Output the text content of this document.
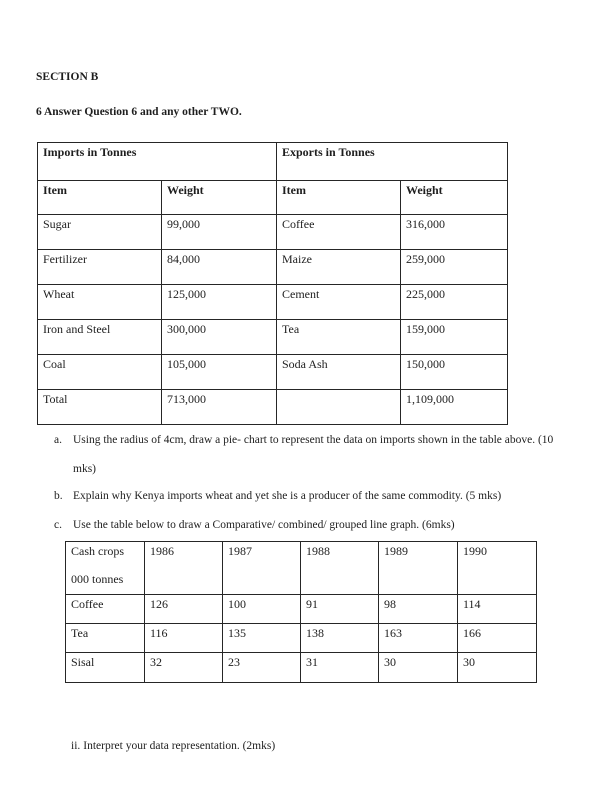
SECTION B
6 Answer Question 6 and any other TWO.
Imports in Tonnes		Exports in Tonnes	
Item	Weight	Item	Weight
Sugar	99,000	Coffee	316,000
Fertilizer	84,000	Maize	259,000
Wheat	125,000	Cement	225,000
Iron and Steel	300,000	Tea	159,000
Coal	105,000	Soda Ash	150,000
Total	713,000		1,109,000
a. Using the radius of 4cm, draw a pie- chart to represent the data on imports shown in the table above. (10
mks)
b. Explain why Kenya imports wheat and yet she is a producer of the same commodity. (5 mks)
c. Use the table below to draw a Comparative/ combined/ grouped line graph. (6mks)
Cash crops
000 tonnes	1986	1987	1988	1989	1990
Coffee	126	100	91	98	114
Tea	116	135	138	163	166
Sisal	32	23	31	30	30
ii. Interpret your data representation. (2mks)
